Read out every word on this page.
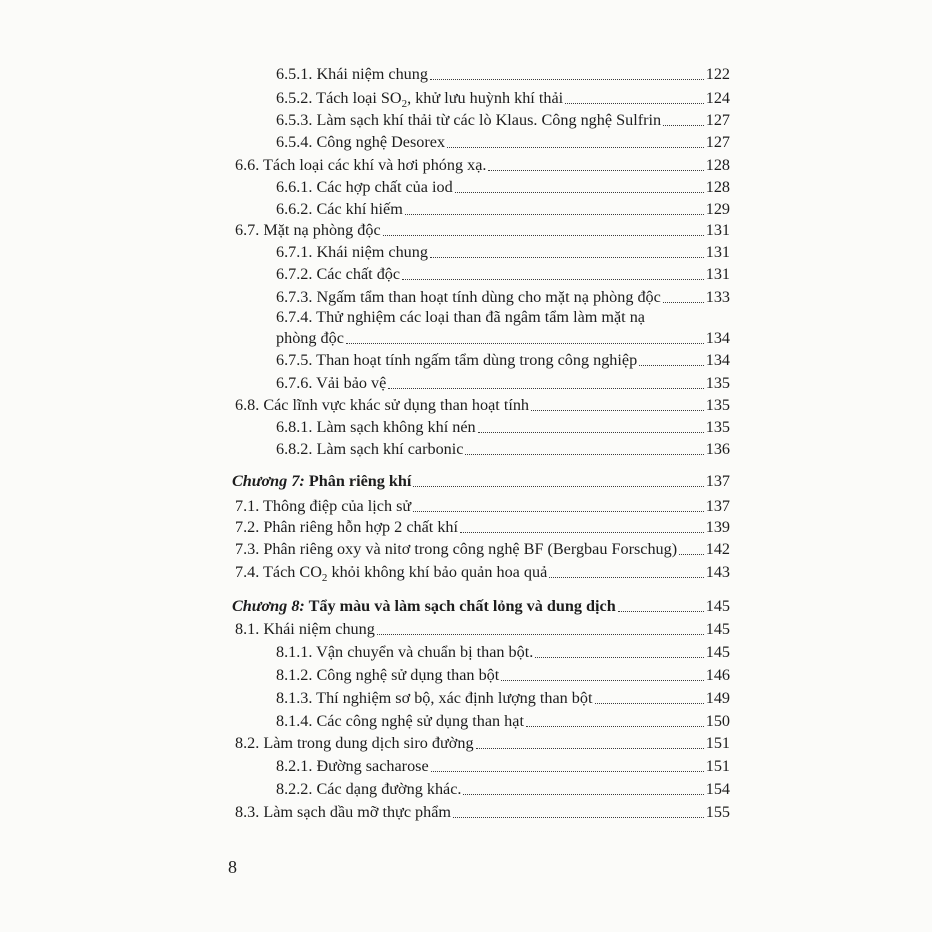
6.5.1. Khái niệm chung	122
6.5.2. Tách loại $SO_2$, khử lưu huỳnh khí thải	124
6.5.3. Làm sạch khí thải từ các lò Klaus. Công nghệ Sulfrin	127
6.5.4. Công nghệ Desorex	127
6.6. Tách loại các khí và hơi phóng xạ.	128
6.6.1. Các hợp chất của iod	128
6.6.2. Các khí hiếm	129
6.7. Mặt nạ phòng độc	131
6.7.1. Khái niệm chung	131
6.7.2. Các chất độc	131
6.7.3. Ngấm tẩm than hoạt tính dùng cho mặt nạ phòng độc	133
6.7.4. Thử nghiệm các loại than đã ngâm tẩm làm mặt nạ
phòng độc	134
6.7.5. Than hoạt tính ngấm tẩm dùng trong công nghiệp	134
6.7.6. Vải bảo vệ	135
6.8. Các lĩnh vực khác sử dụng than hoạt tính	135
6.8.1. Làm sạch không khí nén	135
6.8.2. Làm sạch khí carbonic	136
Chương 7: Phân riêng khí	137
7.1. Thông điệp của lịch sử	137
7.2. Phân riêng hỗn hợp 2 chất khí	139
7.3. Phân riêng oxy và nitơ trong công nghệ BF (Bergbau Forschug) 142
7.4. Tách $CO_2$ khỏi không khí bảo quản hoa quả	143
Chương 8: Tẩy màu và làm sạch chất lỏng và dung dịch	145
8.1. Khái niệm chung	145
8.1.1. Vận chuyển và chuẩn bị than bột.	145
8.1.2. Công nghệ sử dụng than bột	146
8.1.3. Thí nghiệm sơ bộ, xác định lượng than bột	149
8.1.4. Các công nghệ sử dụng than hạt	150
8.2. Làm trong dung dịch siro đường	151
8.2.1. Đường sacharose	151
8.2.2. Các dạng đường khác.	154
8.3. Làm sạch dầu mỡ thực phẩm	155
8
